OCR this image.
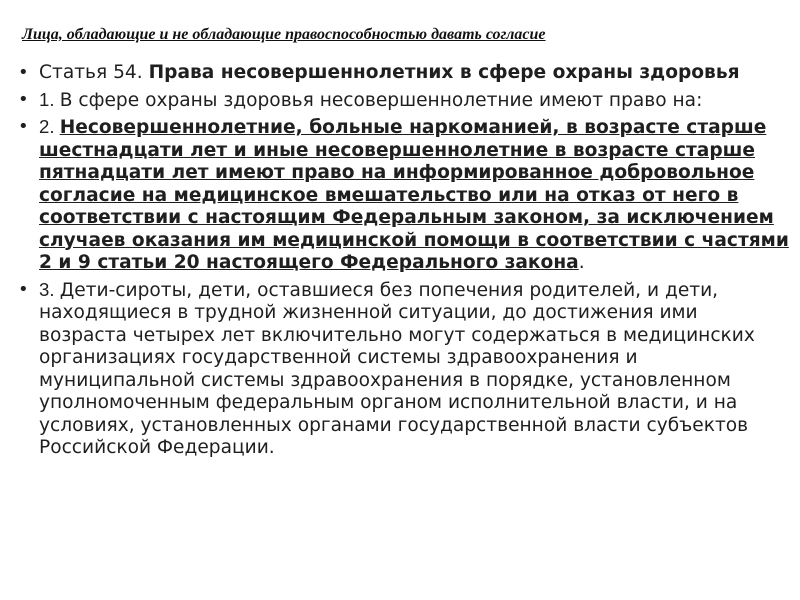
Лица, обладающие и не обладающие правоспособностью давать согласие
• Статья 54. Права несовершеннолетних в сфере охраны здоровья
• 1. В сфере охраны здоровья несовершеннолетние имеют право на:
• 2. Несовершеннолетние, больные наркоманией, в возрасте старше шестнадцати лет и иные несовершеннолетние в возрасте старше пятнадцати лет имеют право на информированное добровольное согласие на медицинское вмешательство или на отказ от него в соответствии с настоящим Федеральным законом, за исключением случаев оказания им медицинской помощи в соответствии с частями 2 и 9 статьи 20 настоящего Федерального закона.
• 3. Дети-сироты, дети, оставшиеся без попечения родителей, и дети, находящиеся в трудной жизненной ситуации, до достижения ими возраста четырех лет включительно могут содержаться в медицинских организациях государственной системы здравоохранения и муниципальной системы здравоохранения в порядке, установленном уполномоченным федеральным органом исполнительной власти, и на условиях, установленных органами государственной власти субъектов Российской Федерации.
